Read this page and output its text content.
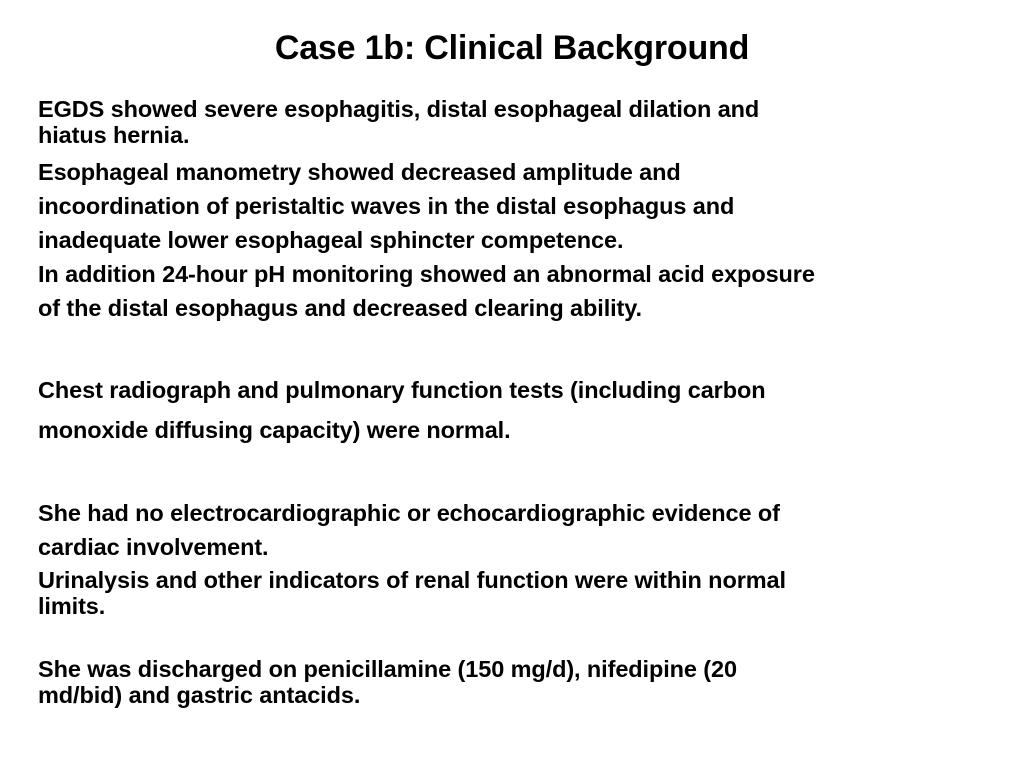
Case 1b: Clinical Background

EGDS showed severe esophagitis, distal esophageal dilation and
hiatus hernia.

Esophageal manometry showed decreased amplitude and
incoordination of peristaltic waves in the distal esophagus and
inadequate lower esophageal sphincter competence.

In addition 24-hour pH monitoring showed an abnormal acid exposure
of the distal esophagus and decreased clearing ability.

Chest radiograph and pulmonary function tests (including carbon
monoxide diffusing capacity) were normal.

She had no electrocardiographic or echocardiographic evidence of
cardiac involvement.

Urinalysis and other indicators of renal function were within normal
limits.

She was discharged on penicillamine (150 mg/d), nifedipine (20
md/bid) and gastric antacids.
